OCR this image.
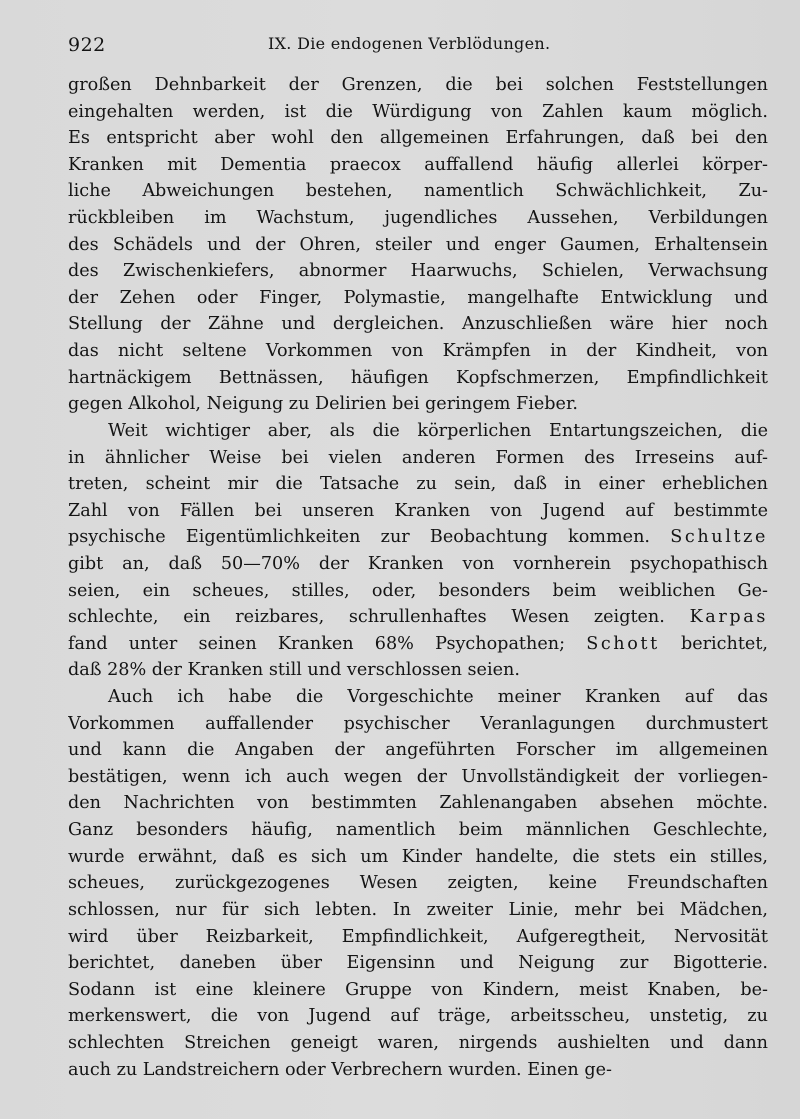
922	IX. Die endogenen Verblödungen.
großen Dehnbarkeit der Grenzen, die bei solchen Feststellungen
eingehalten werden, ist die Würdigung von Zahlen kaum möglich.
Es entspricht aber wohl den allgemeinen Erfahrungen, daß bei den
Kranken mit Dementia praecox auffallend häufig allerlei körper-
liche Abweichungen bestehen, namentlich Schwächlichkeit, Zu-
rückbleiben im Wachstum, jugendliches Aussehen, Verbildungen
des Schädels und der Ohren, steiler und enger Gaumen, Erhaltensein
des Zwischenkiefers, abnormer Haarwuchs, Schielen, Verwachsung
der Zehen oder Finger, Polymastie, mangelhafte Entwicklung und
Stellung der Zähne und dergleichen. Anzuschließen wäre hier noch
das nicht seltene Vorkommen von Krämpfen in der Kindheit, von
hartnäckigem Bettnässen, häufigen Kopfschmerzen, Empfindlichkeit
gegen Alkohol, Neigung zu Delirien bei geringem Fieber.
Weit wichtiger aber, als die körperlichen Entartungszeichen, die
in ähnlicher Weise bei vielen anderen Formen des Irreseins auf-
treten, scheint mir die Tatsache zu sein, daß in einer erheblichen
Zahl von Fällen bei unseren Kranken von Jugend auf bestimmte
psychische Eigentümlichkeiten zur Beobachtung kommen. Schultze
gibt an, daß 50—70% der Kranken von vornherein psychopathisch
seien, ein scheues, stilles, oder, besonders beim weiblichen Ge-
schlechte, ein reizbares, schrullenhaftes Wesen zeigten. Karpas
fand unter seinen Kranken 68% Psychopathen; Schott berichtet,
daß 28% der Kranken still und verschlossen seien.
Auch ich habe die Vorgeschichte meiner Kranken auf das
Vorkommen auffallender psychischer Veranlagungen durchmustert
und kann die Angaben der angeführten Forscher im allgemeinen
bestätigen, wenn ich auch wegen der Unvollständigkeit der vorliegen-
den Nachrichten von bestimmten Zahlenangaben absehen möchte.
Ganz besonders häufig, namentlich beim männlichen Geschlechte,
wurde erwähnt, daß es sich um Kinder handelte, die stets ein stilles,
scheues, zurückgezogenes Wesen zeigten, keine Freundschaften
schlossen, nur für sich lebten. In zweiter Linie, mehr bei Mädchen,
wird über Reizbarkeit, Empfindlichkeit, Aufgeregtheit, Nervosität
berichtet, daneben über Eigensinn und Neigung zur Bigotterie.
Sodann ist eine kleinere Gruppe von Kindern, meist Knaben, be-
merkenswert, die von Jugend auf träge, arbeitsscheu, unstetig, zu
schlechten Streichen geneigt waren, nirgends aushielten und dann
auch zu Landstreichern oder Verbrechern wurden. Einen ge-
